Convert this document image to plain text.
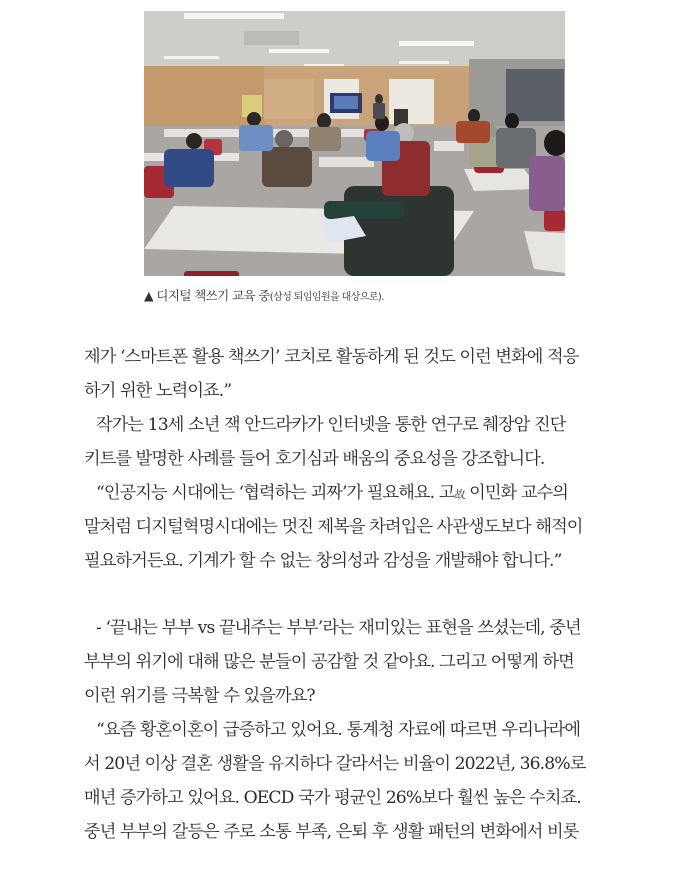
▲ 디지털 책쓰기 교육 중(삼성 퇴임임원을 대상으로).
제가 ‘스마트폰 활용 책쓰기’ 코치로 활동하게 된 것도 이런 변화에 적응
하기 위한 노력이죠.”
작가는 13세 소년 잭 안드라카가 인터넷을 통한 연구로 췌장암 진단
키트를 발명한 사례를 들어 호기심과 배움의 중요성을 강조합니다.
“인공지능 시대에는 ‘협력하는 괴짜’가 필요해요. 고故 이민화 교수의
말처럼 디지털혁명시대에는 멋진 제복을 차려입은 사관생도보다 해적이
필요하거든요. 기계가 할 수 없는 창의성과 감성을 개발해야 합니다.”
- ‘끝내는 부부 vs 끝내주는 부부’라는 재미있는 표현을 쓰셨는데, 중년
부부의 위기에 대해 많은 분들이 공감할 것 같아요. 그리고 어떻게 하면
이런 위기를 극복할 수 있을까요?
“요즘 황혼이혼이 급증하고 있어요. 통계청 자료에 따르면 우리나라에
서 20년 이상 결혼 생활을 유지하다 갈라서는 비율이 2022년, 36.8%로
매년 증가하고 있어요. OECD 국가 평균인 26%보다 훨씬 높은 수치죠.
중년 부부의 갈등은 주로 소통 부족, 은퇴 후 생활 패턴의 변화에서 비롯
